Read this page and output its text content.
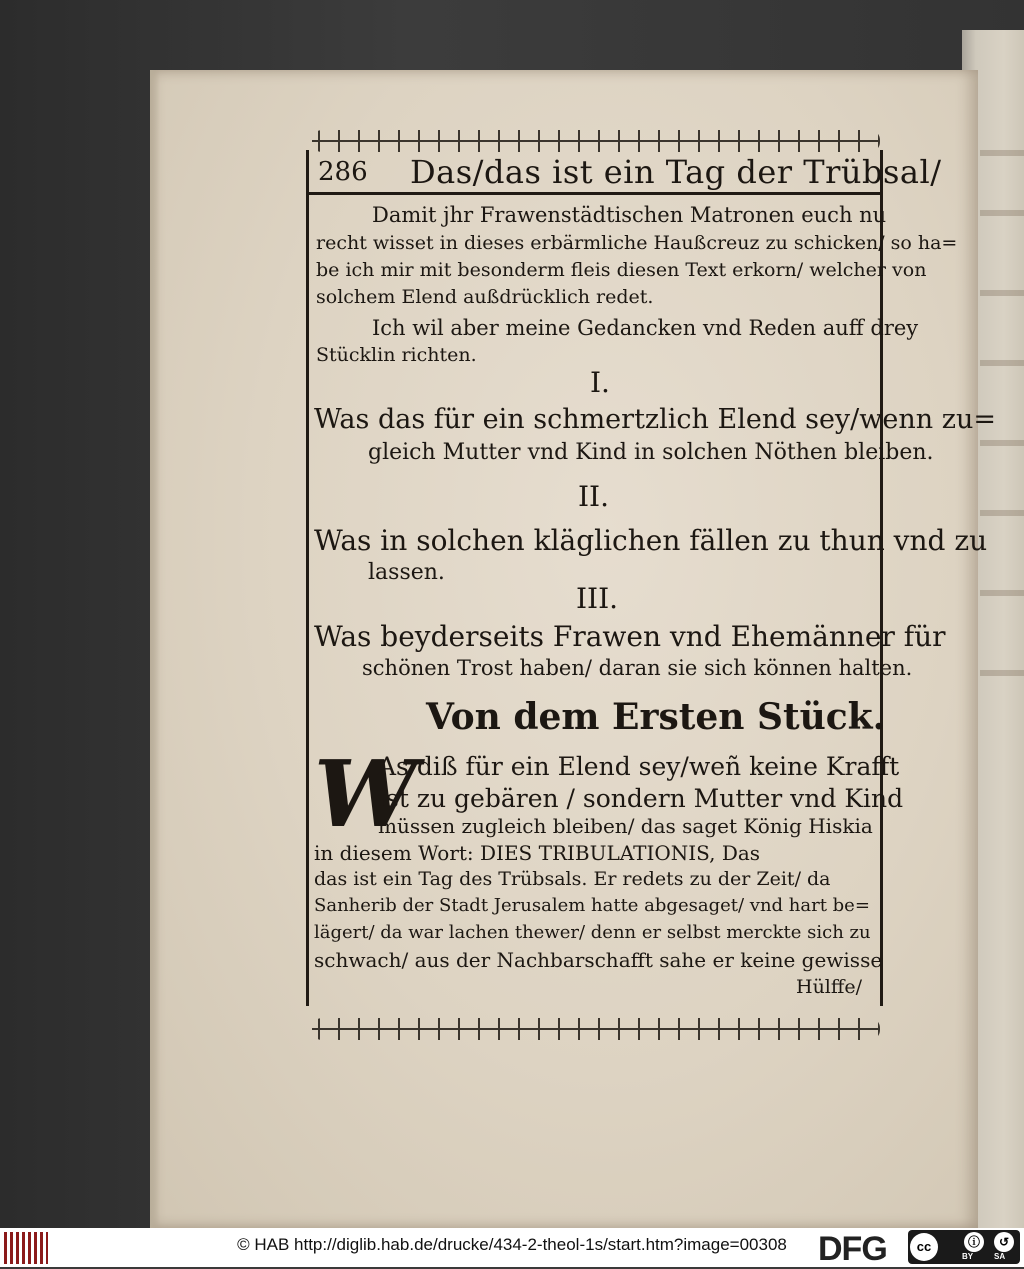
286 Das/das ist ein Tag der Trübsal/
Damit jhr Frawenstädtischen Matronen euch nu
recht wisset in dieses erbärmliche Haußcreuz zu schicken/ so ha=
be ich mir mit besonderm fleis diesen Text erkorn/ welcher von
solchem Elend außdrücklich redet.
Ich wil aber meine Gedancken vnd Reden auff drey
Stücklin richten.
I.
Was das für ein schmertzlich Elend sey/wenn zu=
gleich Mutter vnd Kind in solchen Nöthen bleiben.
II.
Was in solchen kläglichen fällen zu thun vnd zu
lassen.
III.
Was beyderseits Frawen vnd Ehemänner für
schönen Trost haben/ daran sie sich können halten.
Von dem Ersten Stück.
W
As diß für ein Elend sey/weñ keine Krafft
ist zu gebären / sondern Mutter vnd Kind
müssen zugleich bleiben/ das saget König Hiskia
in diesem Wort: DIES TRIBULATIONIS, Das
das ist ein Tag des Trübsals. Er redets zu der Zeit/ da
Sanherib der Stadt Jerusalem hatte abgesaget/ vnd hart be=
lägert/ da war lachen thewer/ denn er selbst merckte sich zu
schwach/ aus der Nachbarschafft sahe er keine gewisse
Hülffe/
© HAB http://diglib.hab.de/drucke/434-2-theol-1s/start.htm?image=00308 DFG	cc	ⓘ	↺
BY	SA
